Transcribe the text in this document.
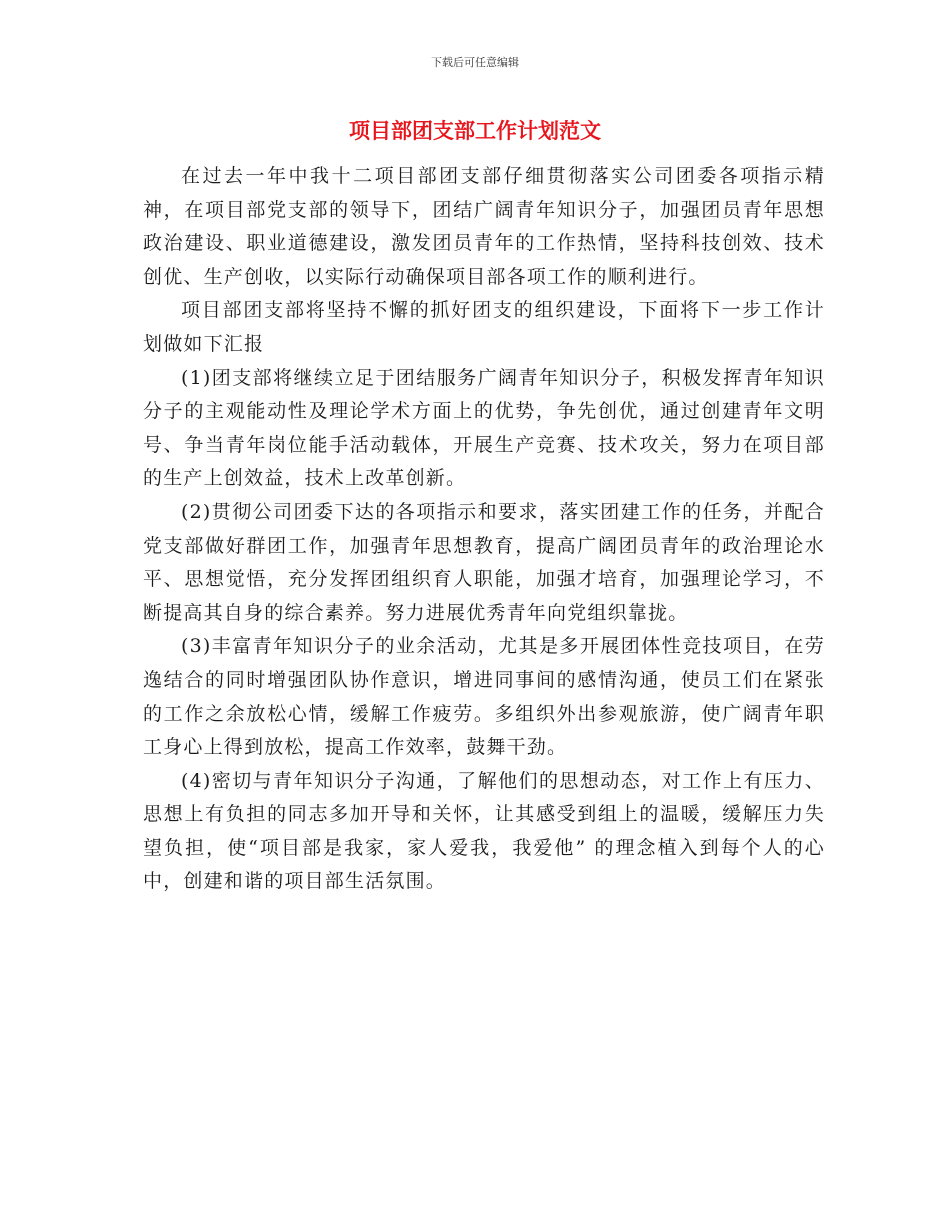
下载后可任意编辑
项目部团支部工作计划范文

在过去一年中我十二项目部团支部仔细贯彻落实公司团委各项指示精神，在项目部党支部的领导下，团结广阔青年知识分子，加强团员青年思想政治建设、职业道德建设，激发团员青年的工作热情，坚持科技创效、技术创优、生产创收，以实际行动确保项目部各项工作的顺利进行。

项目部团支部将坚持不懈的抓好团支的组织建设，下面将下一步工作计划做如下汇报

(1)团支部将继续立足于团结服务广阔青年知识分子，积极发挥青年知识分子的主观能动性及理论学术方面上的优势，争先创优，通过创建青年文明号、争当青年岗位能手活动载体，开展生产竞赛、技术攻关，努力在项目部的生产上创效益，技术上改革创新。

(2)贯彻公司团委下达的各项指示和要求，落实团建工作的任务，并配合党支部做好群团工作，加强青年思想教育，提高广阔团员青年的政治理论水平、思想觉悟，充分发挥团组织育人职能，加强才培育，加强理论学习，不断提高其自身的综合素养。努力进展优秀青年向党组织靠拢。

(3)丰富青年知识分子的业余活动，尤其是多开展团体性竞技项目，在劳逸结合的同时增强团队协作意识，增进同事间的感情沟通，使员工们在紧张的工作之余放松心情，缓解工作疲劳。多组织外出参观旅游，使广阔青年职工身心上得到放松，提高工作效率，鼓舞干劲。

(4)密切与青年知识分子沟通，了解他们的思想动态，对工作上有压力、思想上有负担的同志多加开导和关怀，让其感受到组上的温暖，缓解压力失望负担，使“项目部是我家，家人爱我，我爱他” 的理念植入到每个人的心中，创建和谐的项目部生活氛围。
